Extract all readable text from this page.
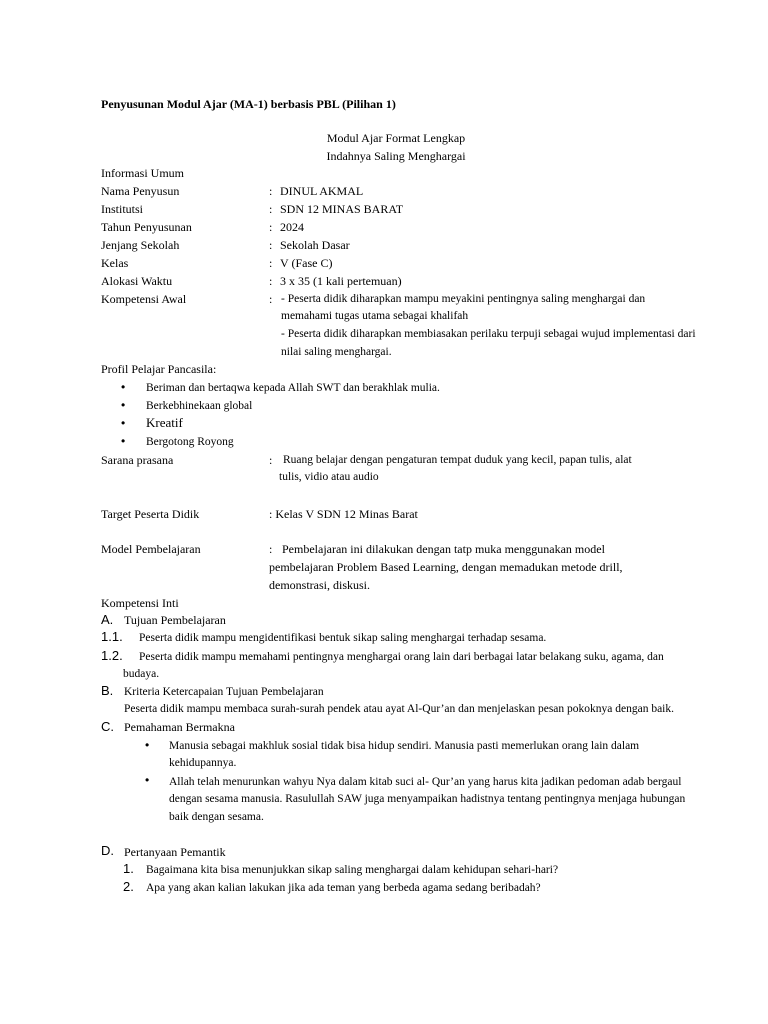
Penyusunan Modul Ajar (MA-1) berbasis PBL (Pilihan 1)
Modul Ajar Format Lengkap
Indahnya Saling Menghargai
Informasi Umum
Nama Penyusun	: DINUL AKMAL
Institutsi	: SDN 12 MINAS BARAT
Tahun Penyusunan	: 2024
Jenjang Sekolah	: Sekolah Dasar
Kelas	: V (Fase C)
Alokasi Waktu	: 3 x 35 (1 kali pertemuan)
Kompetensi Awal	: - Peserta didik diharapkan mampu meyakini pentingnya saling menghargai dan
memahami tugas utama sebagai khalifah
- Peserta didik diharapkan membiasakan perilaku terpuji sebagai wujud implementasi dari
nilai saling menghargai.
Profil Pelajar Pancasila:
• Beriman dan bertaqwa kepada Allah SWT dan berakhlak mulia.
• Berkebhinekaan global
• Kreatif
• Bergotong Royong
Sarana prasana	: Ruang belajar dengan pengaturan tempat duduk yang kecil, papan tulis, alat
tulis, vidio atau audio
Target Peserta Didik	: Kelas V SDN 12 Minas Barat
Model Pembelajaran	: Pembelajaran ini dilakukan dengan tatp muka menggunakan model
pembelajaran Problem Based Learning, dengan memadukan metode drill,
demonstrasi, diskusi.
Kompetensi Inti
A. Tujuan Pembelajaran
1.1. Peserta didik mampu mengidentifikasi bentuk sikap saling menghargai terhadap sesama.
1.2. Peserta didik mampu memahami pentingnya menghargai orang lain dari berbagai latar belakang suku, agama, dan
budaya.
B. Kriteria Ketercapaian Tujuan Pembelajaran
Peserta didik mampu membaca surah-surah pendek atau ayat Al-Qur’an dan menjelaskan pesan pokoknya dengan baik.
C. Pemahaman Bermakna
• Manusia sebagai makhluk sosial tidak bisa hidup sendiri. Manusia pasti memerlukan orang lain dalam
kehidupannya.
• Allah telah menurunkan wahyu Nya dalam kitab suci al- Qur’an yang harus kita jadikan pedoman adab bergaul
dengan sesama manusia. Rasulullah SAW juga menyampaikan hadistnya tentang pentingnya menjaga hubungan
baik dengan sesama.
D. Pertanyaan Pemantik
1. Bagaimana kita bisa menunjukkan sikap saling menghargai dalam kehidupan sehari-hari?
2. Apa yang akan kalian lakukan jika ada teman yang berbeda agama sedang beribadah?
